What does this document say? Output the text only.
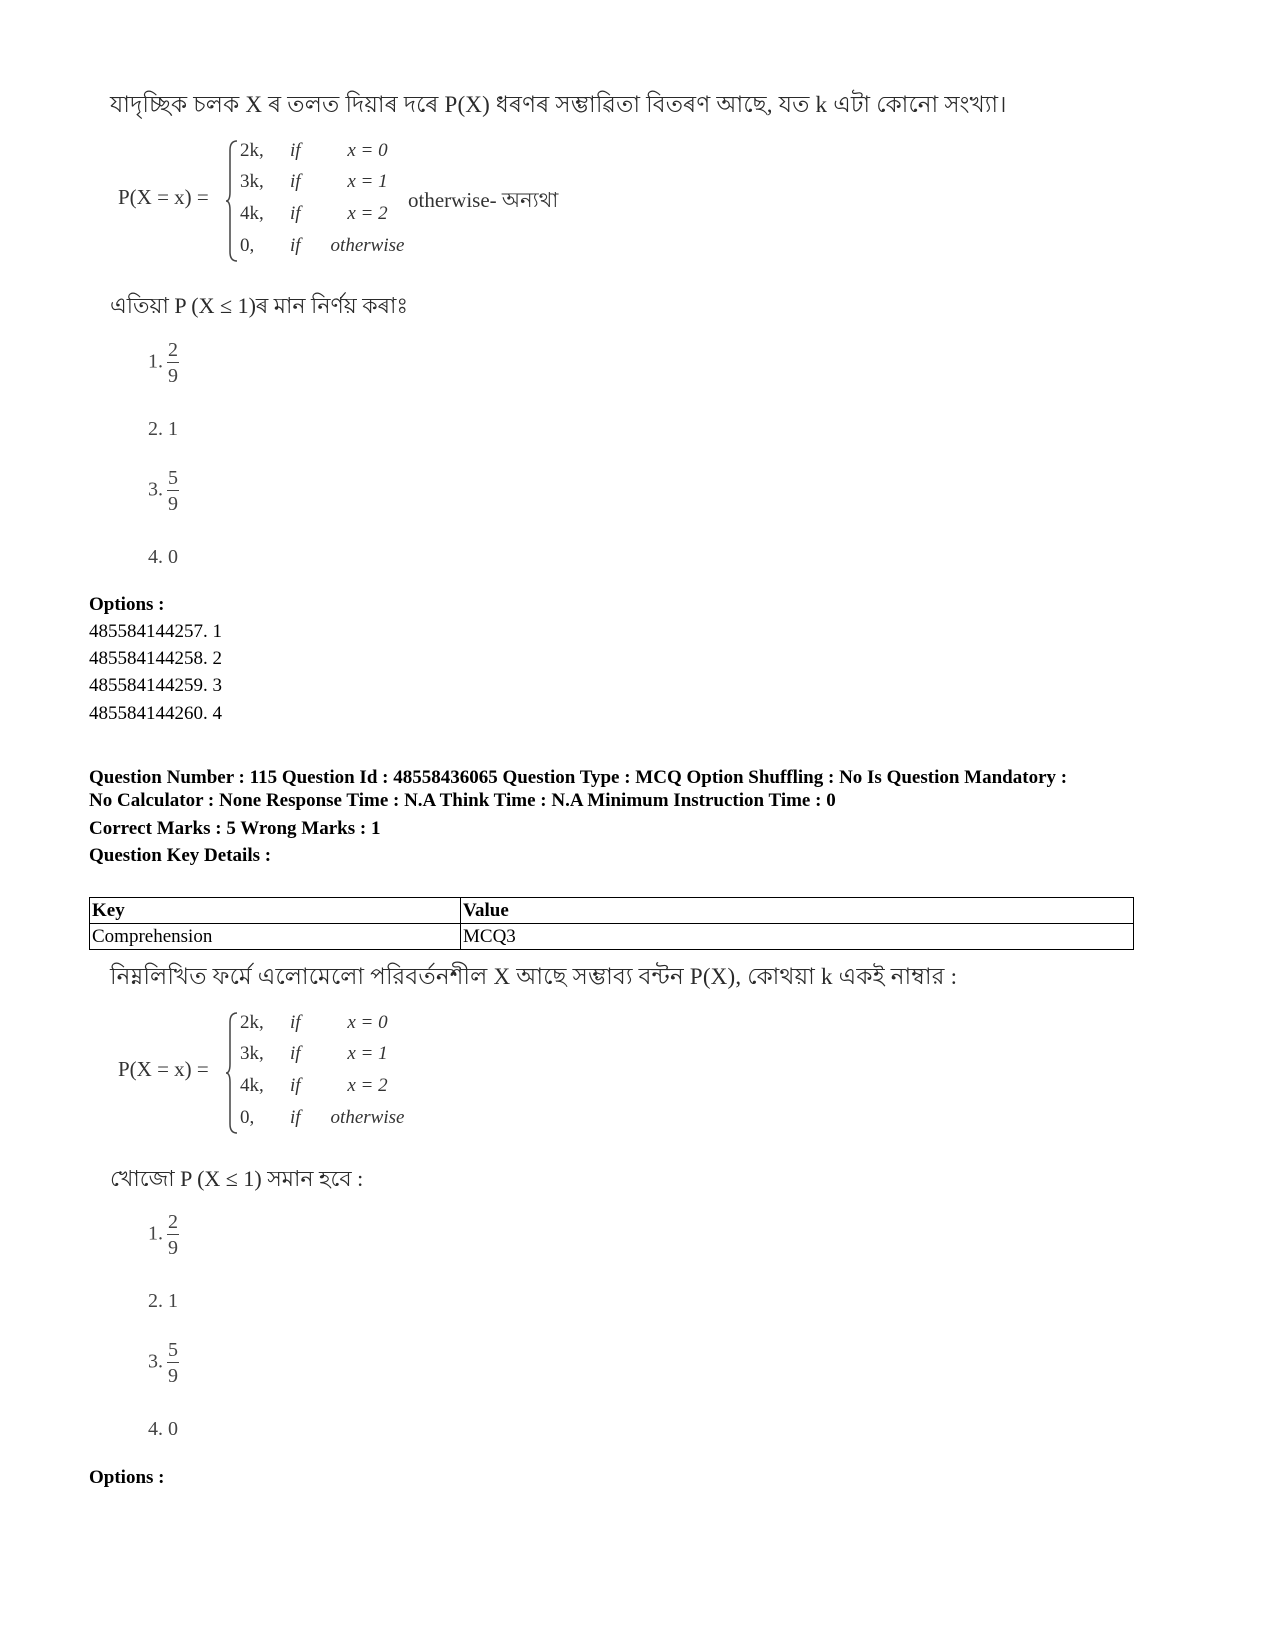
যাদৃচ্ছিক চলক X ৰ তলত দিয়াৰ দৰে P(X) ধৰণৰ সম্ভাৱিতা বিতৰণ আছে, যত k এটা কোনো সংখ্যা।
P(X = x) =
2k, if x = 0
3k, if x = 1
4k, if x = 2
0, if otherwise
otherwise- অন্যথা
এতিয়া P (X ≤ 1)ৰ মান নিৰ্ণয় কৰাঃ
1. $\frac{2}{9}$
2. 1
3. $\frac{5}{9}$
4. 0
Options :
485584144257. 1
485584144258. 2
485584144259. 3
485584144260. 4
Question Number : 115 Question Id : 48558436065 Question Type : MCQ Option Shuffling : No Is Question Mandatory :
No Calculator : None Response Time : N.A Think Time : N.A Minimum Instruction Time : 0
Correct Marks : 5 Wrong Marks : 1
Question Key Details :
Key	Value
Comprehension	MCQ3
নিম্নলিখিত ফৰ্মে এলোমেলো পরিবর্তনশীল X আছে সম্ভাব্য বন্টন P(X), কোথয়া k একই নাম্বার :
P(X = x) =
2k, if x = 0
3k, if x = 1
4k, if x = 2
0, if otherwise
খোজো P (X ≤ 1) সমান হবে :
1. $\frac{2}{9}$
2. 1
3. $\frac{5}{9}$
4. 0
Options :
